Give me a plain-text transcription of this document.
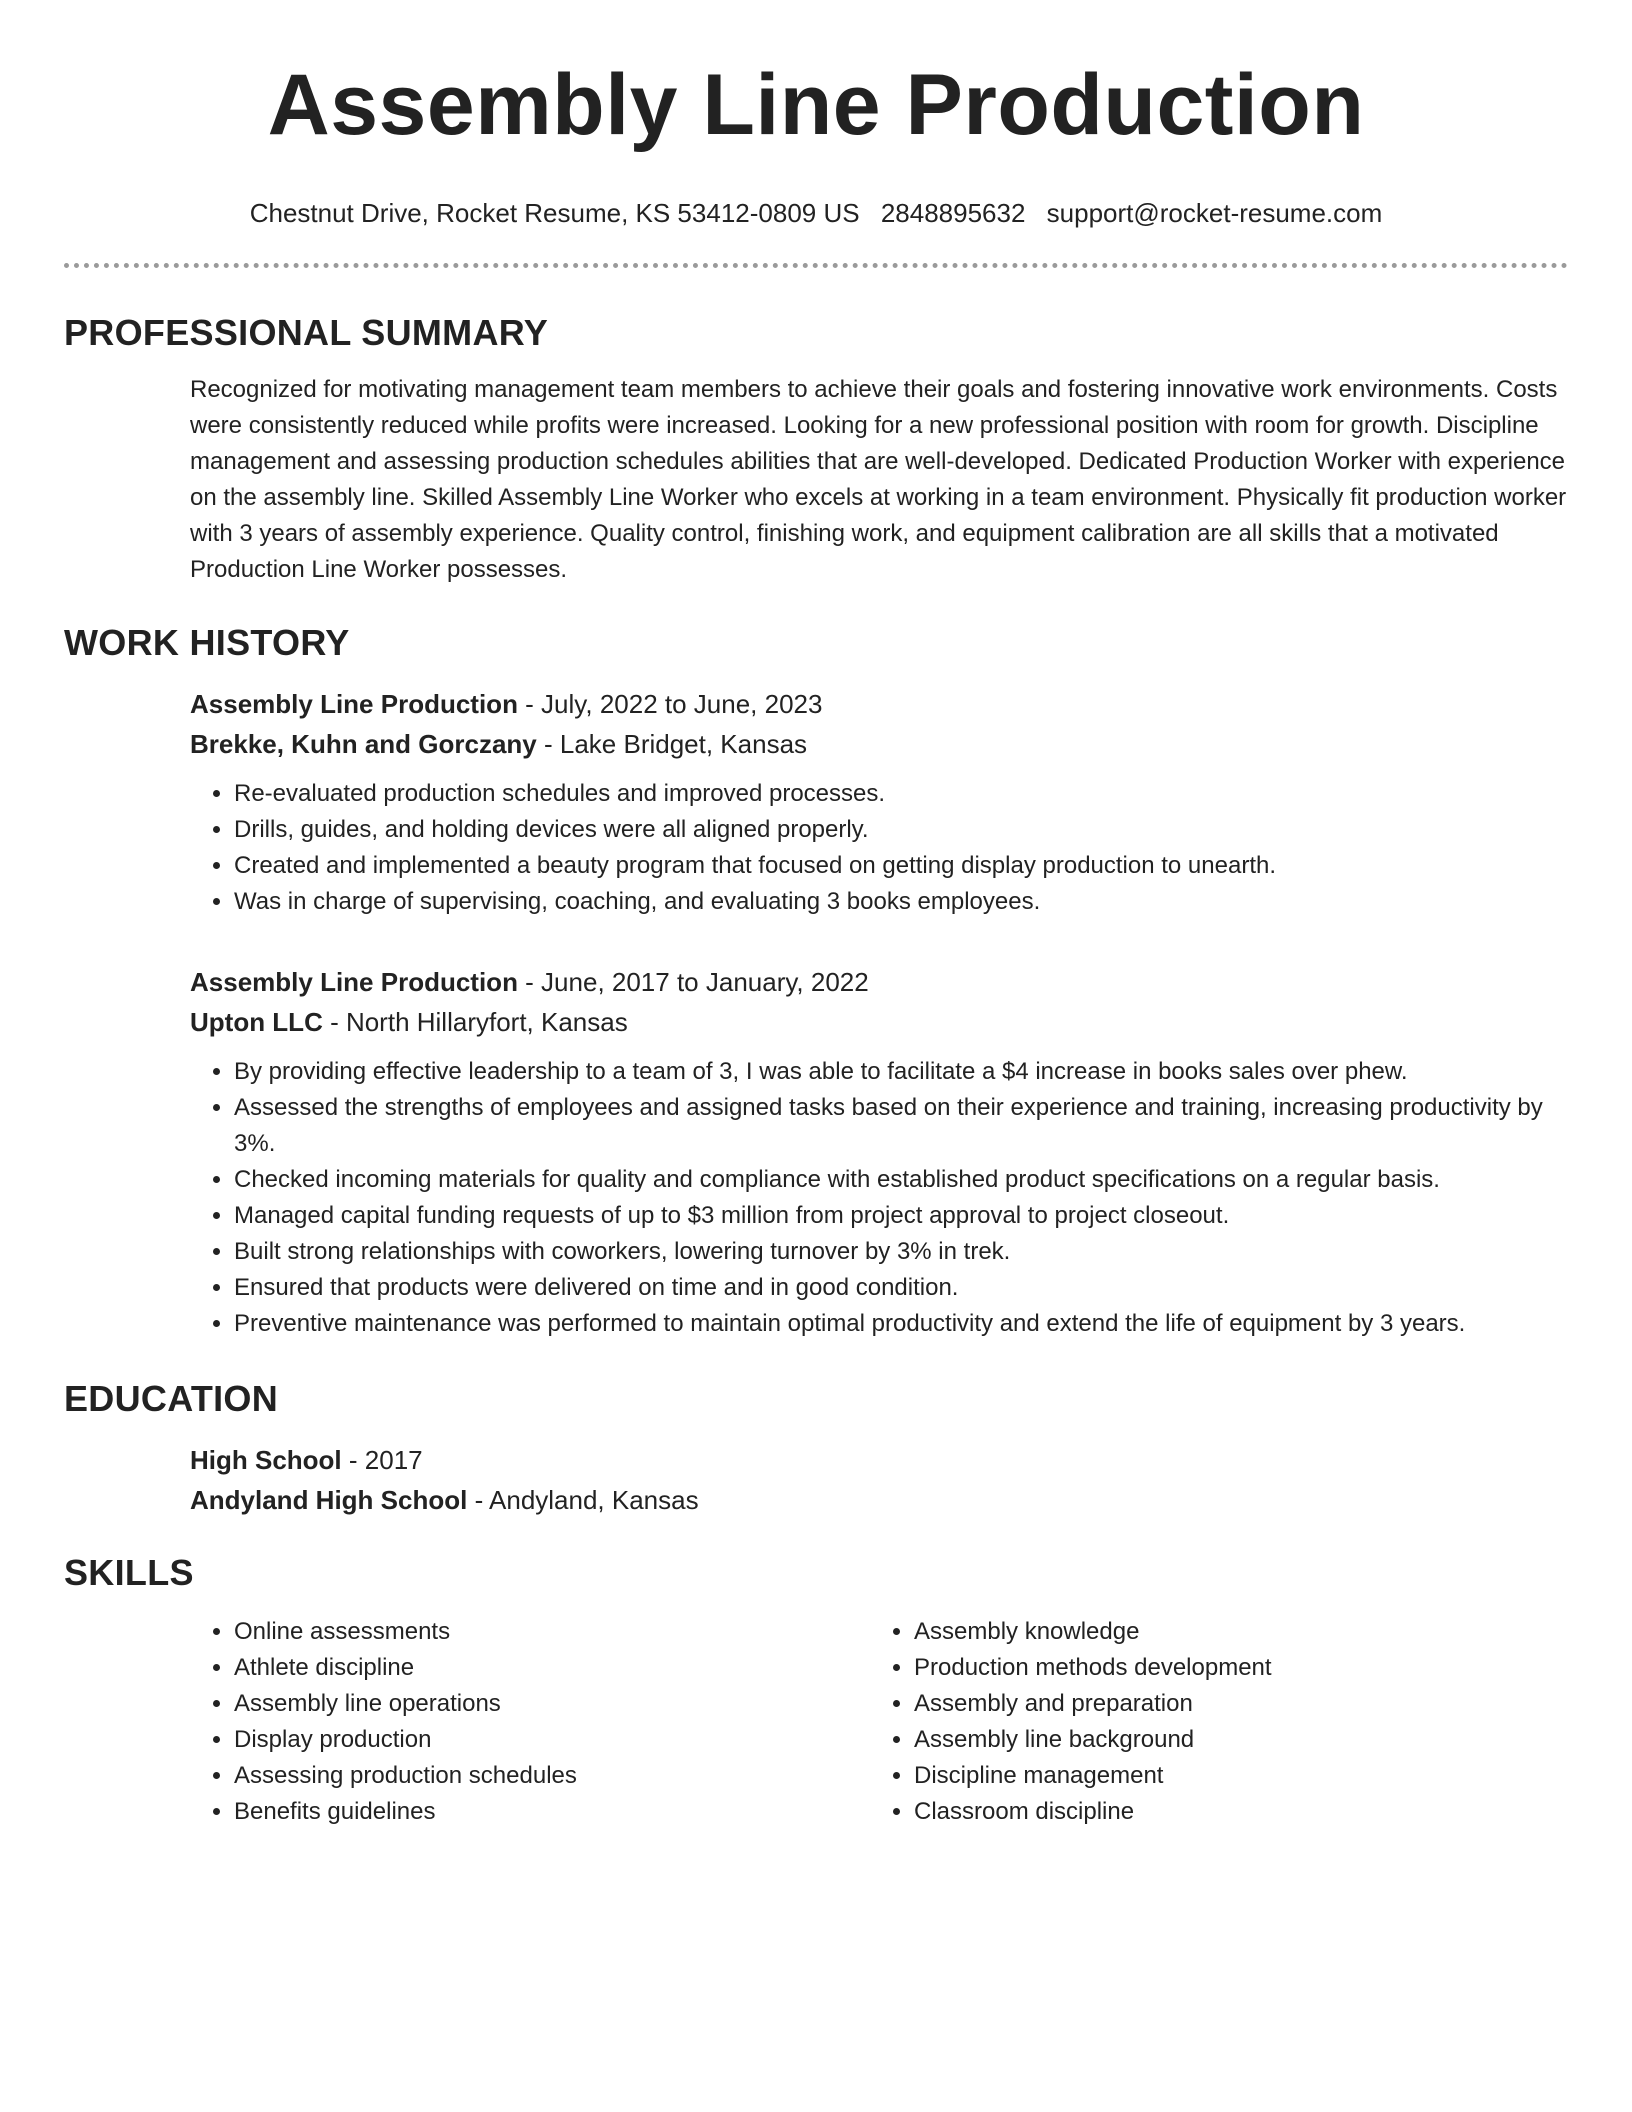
Assembly Line Production
Chestnut Drive, Rocket Resume, KS 53412-0809 US 2848895632 support@rocket-resume.com
PROFESSIONAL SUMMARY

Recognized for motivating management team members to achieve their goals and fostering innovative work environments. Costs were consistently reduced while profits were increased. Looking for a new professional position with room for growth. Discipline management and assessing production schedules abilities that are well-developed. Dedicated Production Worker with experience on the assembly line. Skilled Assembly Line Worker who excels at working in a team environment. Physically fit production worker with 3 years of assembly experience. Quality control, finishing work, and equipment calibration are all skills that a motivated Production Line Worker possesses.

WORK HISTORY
Assembly Line Production - July, 2022 to June, 2023
Brekke, Kuhn and Gorczany - Lake Bridget, Kansas
• Re-evaluated production schedules and improved processes.
• Drills, guides, and holding devices were all aligned properly.
• Created and implemented a beauty program that focused on getting display production to unearth.
• Was in charge of supervising, coaching, and evaluating 3 books employees.
Assembly Line Production - June, 2017 to January, 2022
Upton LLC - North Hillaryfort, Kansas
• By providing effective leadership to a team of 3, I was able to facilitate a $4 increase in books sales over phew.
• Assessed the strengths of employees and assigned tasks based on their experience and training, increasing productivity by 3%.
• Checked incoming materials for quality and compliance with established product specifications on a regular basis.
• Managed capital funding requests of up to $3 million from project approval to project closeout.
• Built strong relationships with coworkers, lowering turnover by 3% in trek.
• Ensured that products were delivered on time and in good condition.
• Preventive maintenance was performed to maintain optimal productivity and extend the life of equipment by 3 years.
EDUCATION
High School - 2017
Andyland High School - Andyland, Kansas
SKILLS
• Online assessments
• Athlete discipline
• Assembly line operations
• Display production
• Assessing production schedules
• Benefits guidelines
• Assembly knowledge
• Production methods development
• Assembly and preparation
• Assembly line background
• Discipline management
• Classroom discipline
